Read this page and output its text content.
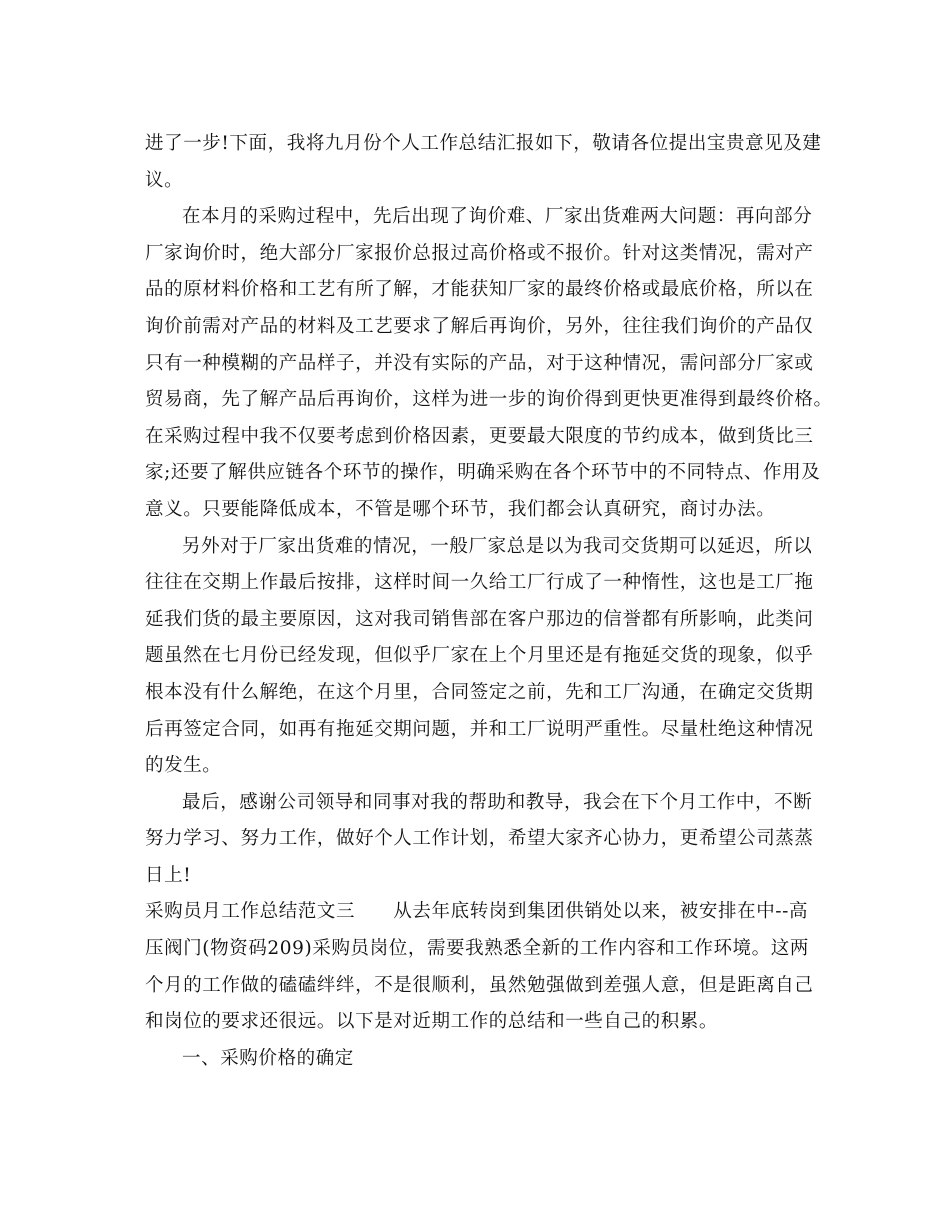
进了一步!下面，我将九月份个人工作总结汇报如下，敬请各位提出宝贵意见及建
议。
在本月的采购过程中，先后出现了询价难、厂家出货难两大问题：再向部分
厂家询价时，绝大部分厂家报价总报过高价格或不报价。针对这类情况，需对产
品的原材料价格和工艺有所了解，才能获知厂家的最终价格或最底价格，所以在
询价前需对产品的材料及工艺要求了解后再询价，另外，往往我们询价的产品仅
只有一种模糊的产品样子，并没有实际的产品，对于这种情况，需问部分厂家或
贸易商，先了解产品后再询价，这样为进一步的询价得到更快更准得到最终价格。
在采购过程中我不仅要考虑到价格因素，更要最大限度的节约成本，做到货比三
家;还要了解供应链各个环节的操作，明确采购在各个环节中的不同特点、作用及
意义。只要能降低成本，不管是哪个环节，我们都会认真研究，商讨办法。
另外对于厂家出货难的情况，一般厂家总是以为我司交货期可以延迟，所以
往往在交期上作最后按排，这样时间一久给工厂行成了一种惰性，这也是工厂拖
延我们货的最主要原因，这对我司销售部在客户那边的信誉都有所影响，此类问
题虽然在七月份已经发现，但似乎厂家在上个月里还是有拖延交货的现象，似乎
根本没有什么解绝，在这个月里，合同签定之前，先和工厂沟通，在确定交货期
后再签定合同，如再有拖延交期问题，并和工厂说明严重性。尽量杜绝这种情况
的发生。
最后，感谢公司领导和同事对我的帮助和教导，我会在下个月工作中，不断
努力学习、努力工作，做好个人工作计划，希望大家齐心协力，更希望公司蒸蒸
日上!
采购员月工作总结范文三　　从去年底转岗到集团供销处以来，被安排在中--高
压阀门(物资码209)采购员岗位，需要我熟悉全新的工作内容和工作环境。这两
个月的工作做的磕磕绊绊，不是很顺利，虽然勉强做到差强人意，但是距离自己
和岗位的要求还很远。以下是对近期工作的总结和一些自己的积累。
一、采购价格的确定
